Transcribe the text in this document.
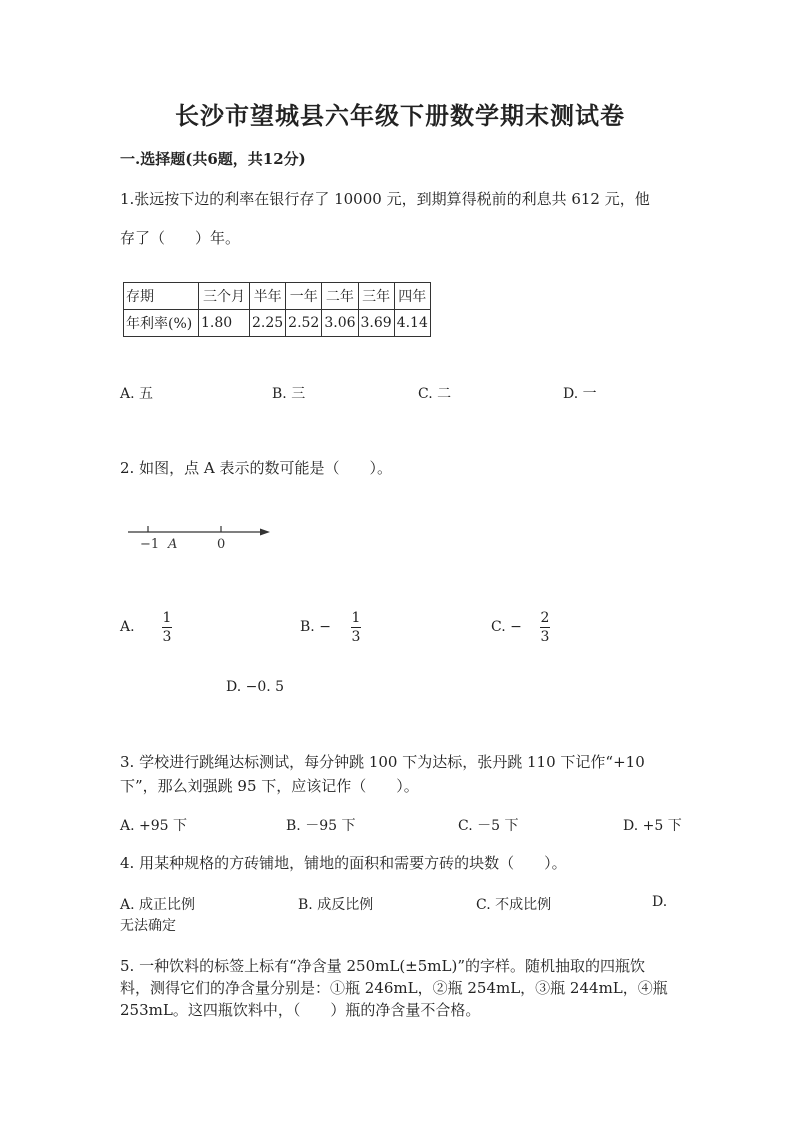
长沙市望城县六年级下册数学期末测试卷
一.选择题(共6题，共12分)
1.张远按下边的利率在银行存了 10000 元，到期算得税前的利息共 612 元，他
存了（　　）年。
存期	三个月	半年	一年	二年	三年	四年
年利率(%)	1.80	2.25	2.52	3.06	3.69	4.14
A. 五	B. 三	C. 二	D. 一
2. 如图，点 A 表示的数可能是（　　）。
−1 A	0
A.
1
3
B. −
1
3
C. −
2
3
D. −0. 5
3. 学校进行跳绳达标测试，每分钟跳 100 下为达标，张丹跳 110 下记作“+10
下”，那么刘强跳 95 下，应该记作（　　）。
A. +95 下	B. －95 下	C. －5 下	D. +5 下
4. 用某种规格的方砖铺地，铺地的面积和需要方砖的块数（　　）。
A. 成正比例	B. 成反比例	C. 不成比例	D.
无法确定
5. 一种饮料的标签上标有“净含量 250mL(±5mL)”的字样。随机抽取的四瓶饮
料，测得它们的净含量分别是：①瓶 246mL，②瓶 254mL，③瓶 244mL，④瓶
253mL。这四瓶饮料中，（　　）瓶的净含量不合格。
